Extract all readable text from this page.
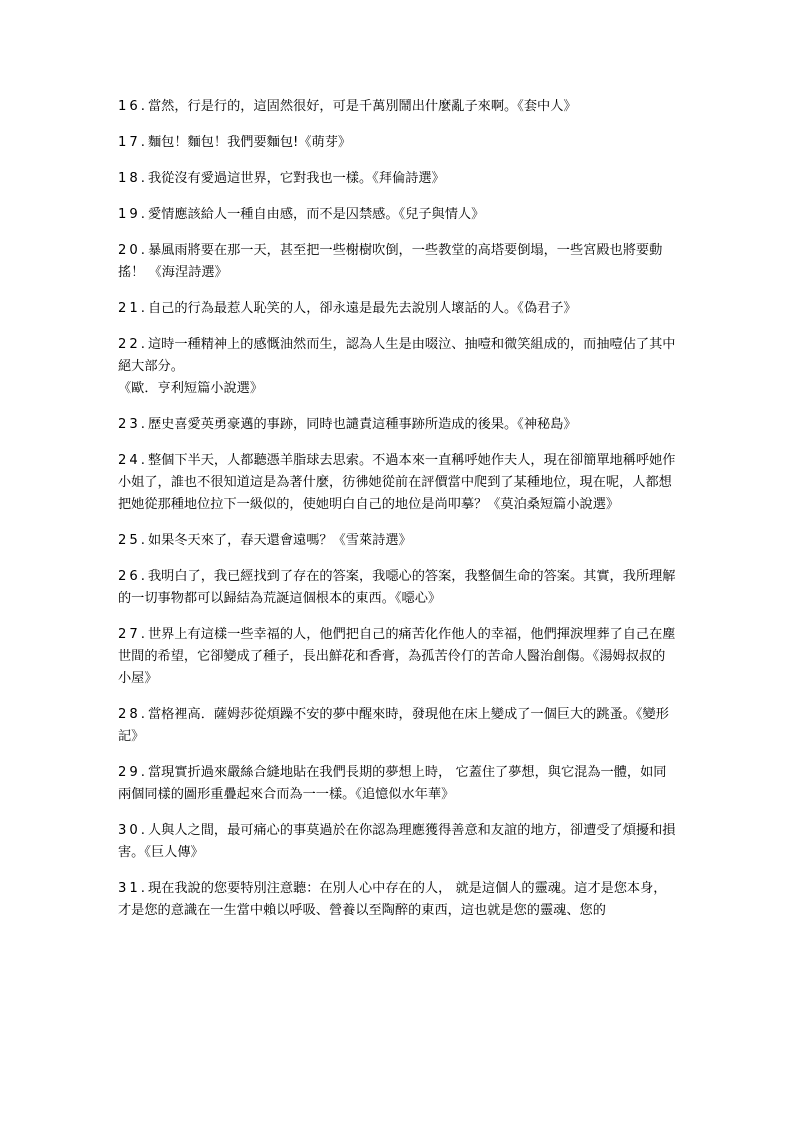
16.當然，行是行的，這固然很好，可是千萬別鬧出什麼亂子來啊。《套中人》

17.麵包！麵包！我們要麵包!《萌芽》

18.我從沒有愛過這世界，它對我也一樣。《拜倫詩選》

19.愛情應該給人一種自由感，而不是囚禁感。《兒子與情人》

20.暴風雨將要在那一天，甚至把一些榭樹吹倒，一些教堂的高塔要倒塌，一些宮殿也將要動搖！ 《海涅詩選》

21.自己的行為最惹人恥笑的人，卻永遠是最先去說別人壞話的人。《偽君子》

22.這時一種精神上的感慨油然而生，認為人生是由啜泣、抽噎和微笑組成的，而抽噎佔了其中絕大部分。
《歐．亨利短篇小說選》

23.歷史喜愛英勇豪邁的事跡，同時也譴責這種事跡所造成的後果。《神秘島》

24.整個下半天，人都聽憑羊脂球去思索。不過本來一直稱呼她作夫人，現在卻簡單地稱呼她作小姐了，誰也不很知道這是為著什麼，彷彿她從前在評價當中爬到了某種地位，現在呢，人都想把她從那種地位拉下一級似的，使她明白自己的地位是尚叩摹？《莫泊桑短篇小說選》

25.如果冬天來了，春天還會遠嗎？《雪萊詩選》

26.我明白了，我已經找到了存在的答案，我噁心的答案，我整個生命的答案。其實，我所理解的一切事物都可以歸結為荒誕這個根本的東西。《噁心》

27.世界上有這樣一些幸福的人，他們把自己的痛苦化作他人的幸福，他們揮淚埋葬了自己在塵世間的希望，它卻變成了種子，長出鮮花和香膏，為孤苦伶仃的苦命人醫治創傷。《湯姆叔叔的小屋》

28.當格裡高．薩姆莎從煩躁不安的夢中醒來時，發現他在床上變成了一個巨大的跳蚤。《變形記》

29.當現實折過來嚴絲合縫地貼在我們長期的夢想上時， 它蓋住了夢想，與它混為一體，如同兩個同樣的圖形重疊起來合而為一一樣。《追憶似水年華》

30.人與人之間，最可痛心的事莫過於在你認為理應獲得善意和友誼的地方，卻遭受了煩擾和損害。《巨人傳》

31.現在我說的您要特別注意聽：在別人心中存在的人， 就是這個人的靈魂。這才是您本身，才是您的意識在一生當中賴以呼吸、營養以至陶醉的東西，這也就是您的靈魂、您的
